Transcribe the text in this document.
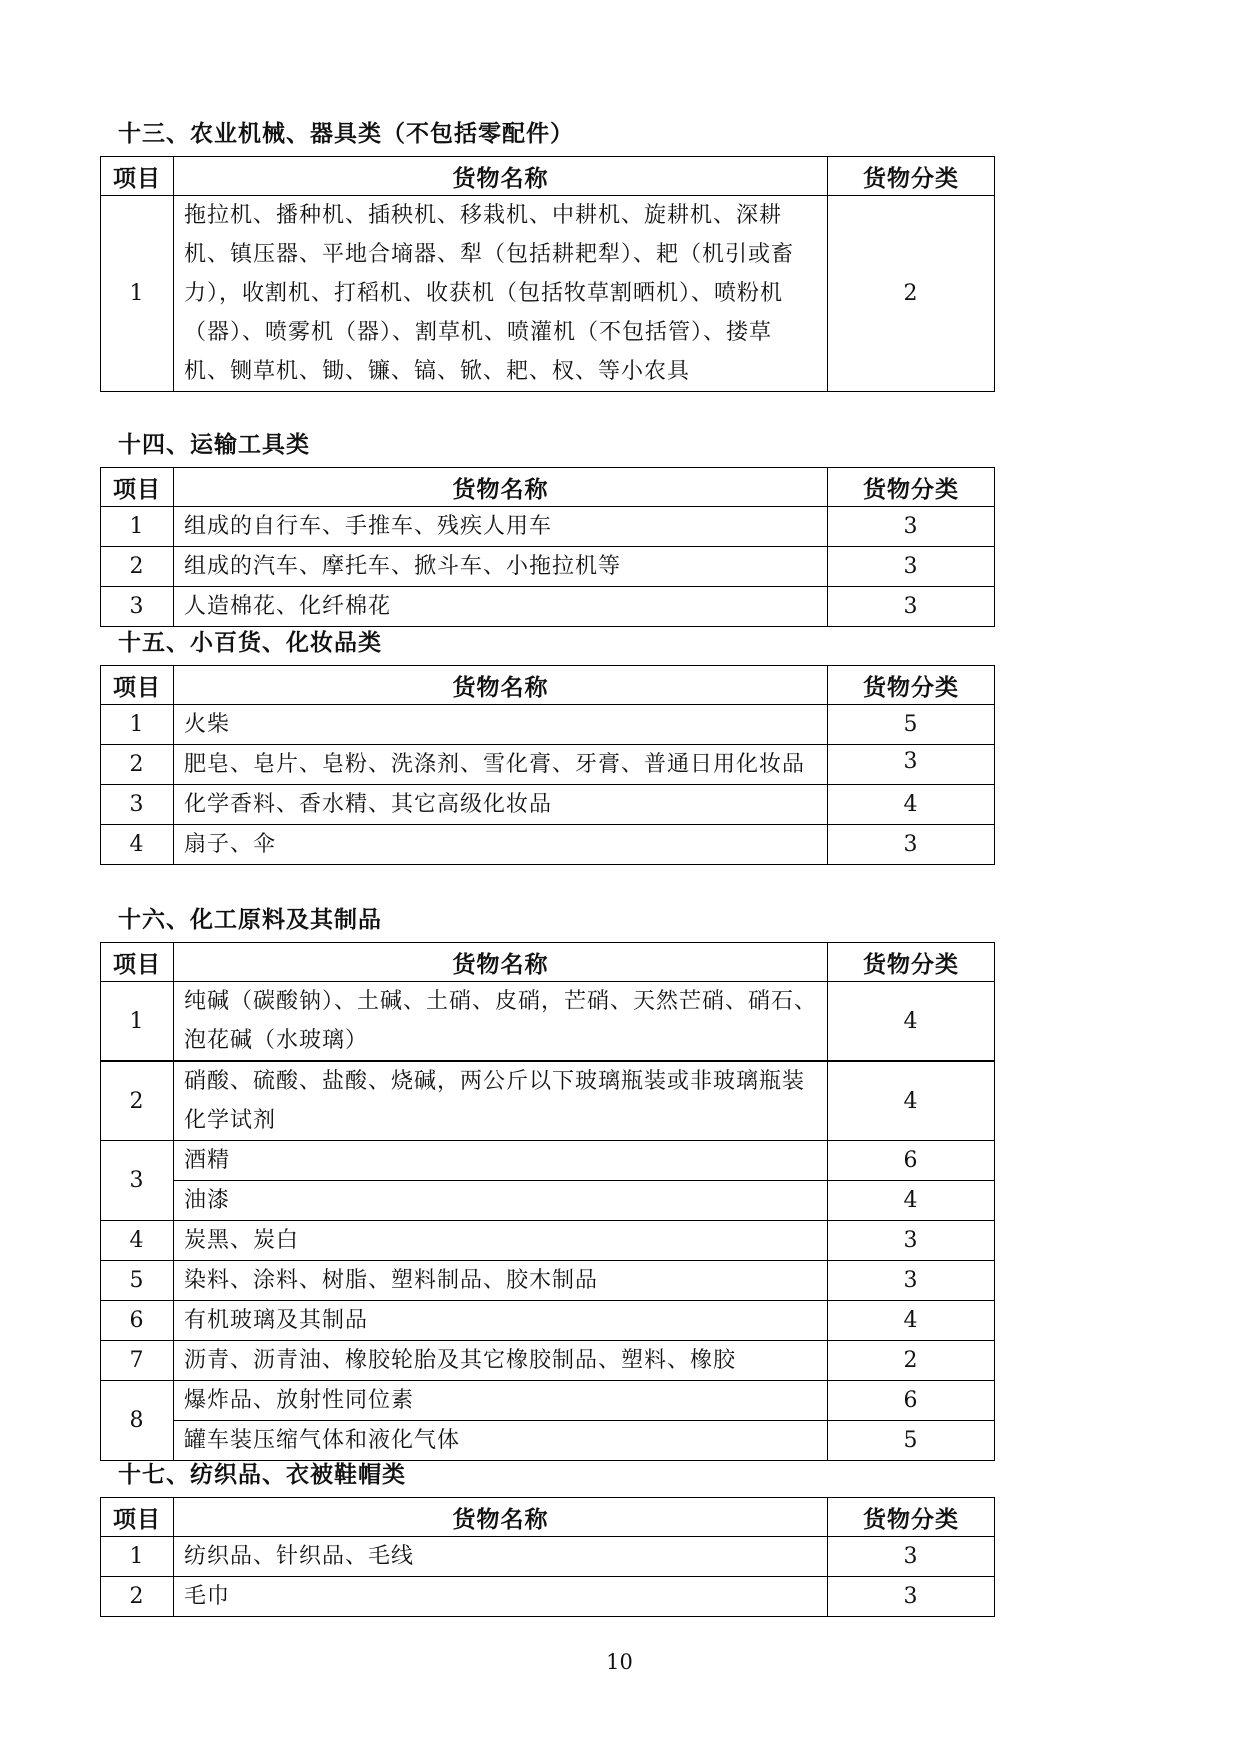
十三、农业机械、器具类（不包括零配件）
项目	货物名称	货物分类
1	拖拉机、播种机、插秧机、移栽机、中耕机、旋耕机、深耕机、镇压器、平地合墒器、犁（包括耕耙犁）、耙（机引或畜力），收割机、打稻机、收获机（包括牧草割晒机）、喷粉机（器）、喷雾机（器）、割草机、喷灌机（不包括管）、搂草机、铡草机、锄、镰、镐、锨、耙、杈、等小农具	2
十四、运输工具类
项目	货物名称	货物分类
1	组成的自行车、手推车、残疾人用车	3
2	组成的汽车、摩托车、掀斗车、小拖拉机等	3
3	人造棉花、化纤棉花	3
十五、小百货、化妆品类
项目	货物名称	货物分类
1	火柴	5
2	肥皂、皂片、皂粉、洗涤剂、雪化膏、牙膏、普通日用化妆品	3
3	化学香料、香水精、其它高级化妆品	4
4	扇子、伞	3
十六、化工原料及其制品
项目	货物名称	货物分类
1	纯碱（碳酸钠）、土碱、土硝、皮硝，芒硝、天然芒硝、硝石、泡花碱（水玻璃）	4
2	硝酸、硫酸、盐酸、烧碱，两公斤以下玻璃瓶装或非玻璃瓶装化学试剂	4
3	酒精	6
	油漆	4
4	炭黑、炭白	3
5	染料、涂料、树脂、塑料制品、胶木制品	3
6	有机玻璃及其制品	4
7	沥青、沥青油、橡胶轮胎及其它橡胶制品、塑料、橡胶	2
8	爆炸品、放射性同位素	6
	罐车装压缩气体和液化气体	5
十七、纺织品、衣被鞋帽类
项目	货物名称	货物分类
1	纺织品、针织品、毛线	3
2	毛巾	3
10
